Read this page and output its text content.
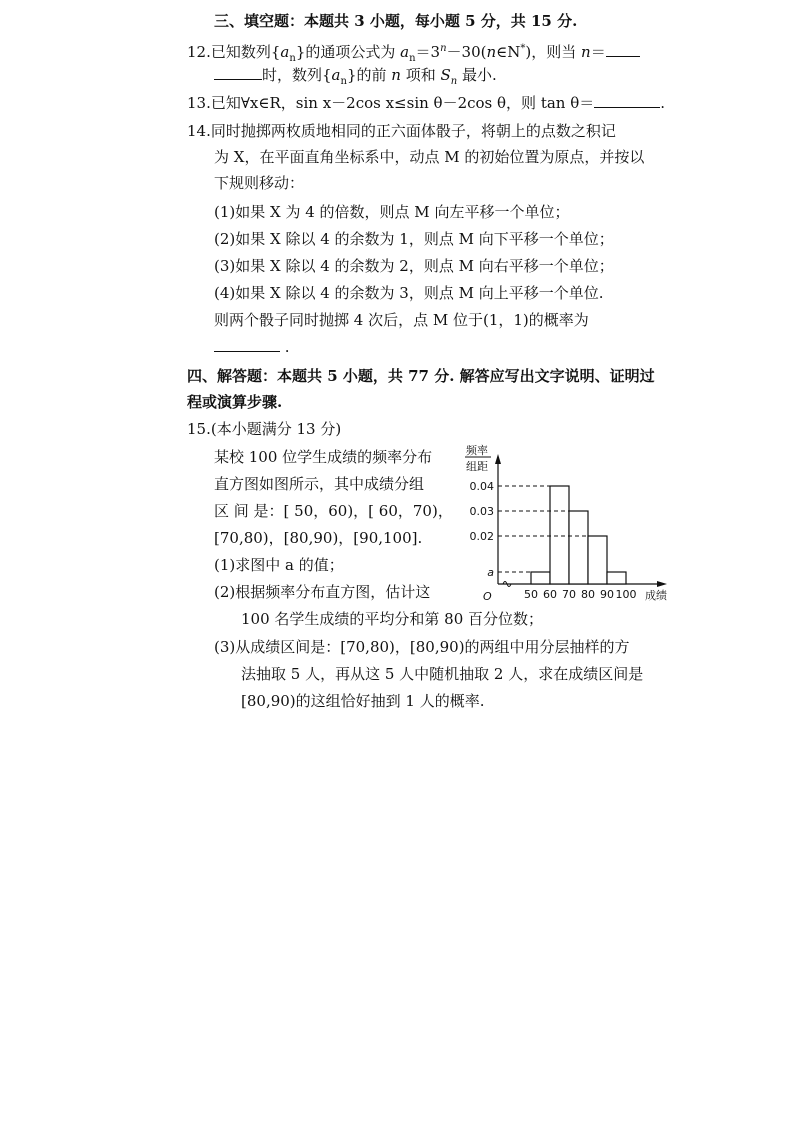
三、填空题：本题共 3 小题，每小题 5 分，共 15 分.
12.已知数列$\{a_n\}$的通项公式为 $a_n=3^n-30(n\in N^*)$，则当 n＝
时，数列$\{a_n\}$的前 n 项和 $S_n$ 最小.
13.已知∀x∈R，sin x－2cos x≤sin θ－2cos θ，则 tan θ＝	.
14.同时抛掷两枚质地相同的正六面体骰子，将朝上的点数之积记
为 X，在平面直角坐标系中，动点 M 的初始位置为原点，并按以
下规则移动：
(1)如果 X 为 4 的倍数，则点 M 向左平移一个单位；
(2)如果 X 除以 4 的余数为 1，则点 M 向下平移一个单位；
(3)如果 X 除以 4 的余数为 2，则点 M 向右平移一个单位；
(4)如果 X 除以 4 的余数为 3，则点 M 向上平移一个单位.
则两个骰子同时抛掷 4 次后，点 M 位于(1，1)的概率为
.
四、解答题：本题共 5 小题，共 77 分. 解答应写出文字说明、证明过
程或演算步骤.
15.(本小题满分 13 分)
某校 100 位学生成绩的频率分布
直方图如图所示，其中成绩分组
区 间 是：[ 50，60)，[ 60，70)，
[70,80)，[80,90)，[90,100].
(1)求图中 a 的值；
(2)根据频率分布直方图，估计这
100 名学生成绩的平均分和第 80 百分位数；
(3)从成绩区间是：[70,80)，[80,90)的两组中用分层抽样的方
法抽取 5 人，再从这 5 人中随机抽取 2 人，求在成绩区间是
[80,90)的这组恰好抽到 1 人的概率.
频率
组距
O	成绩
a
0.02
0.03
0.04
50 60 70 80 90 100
